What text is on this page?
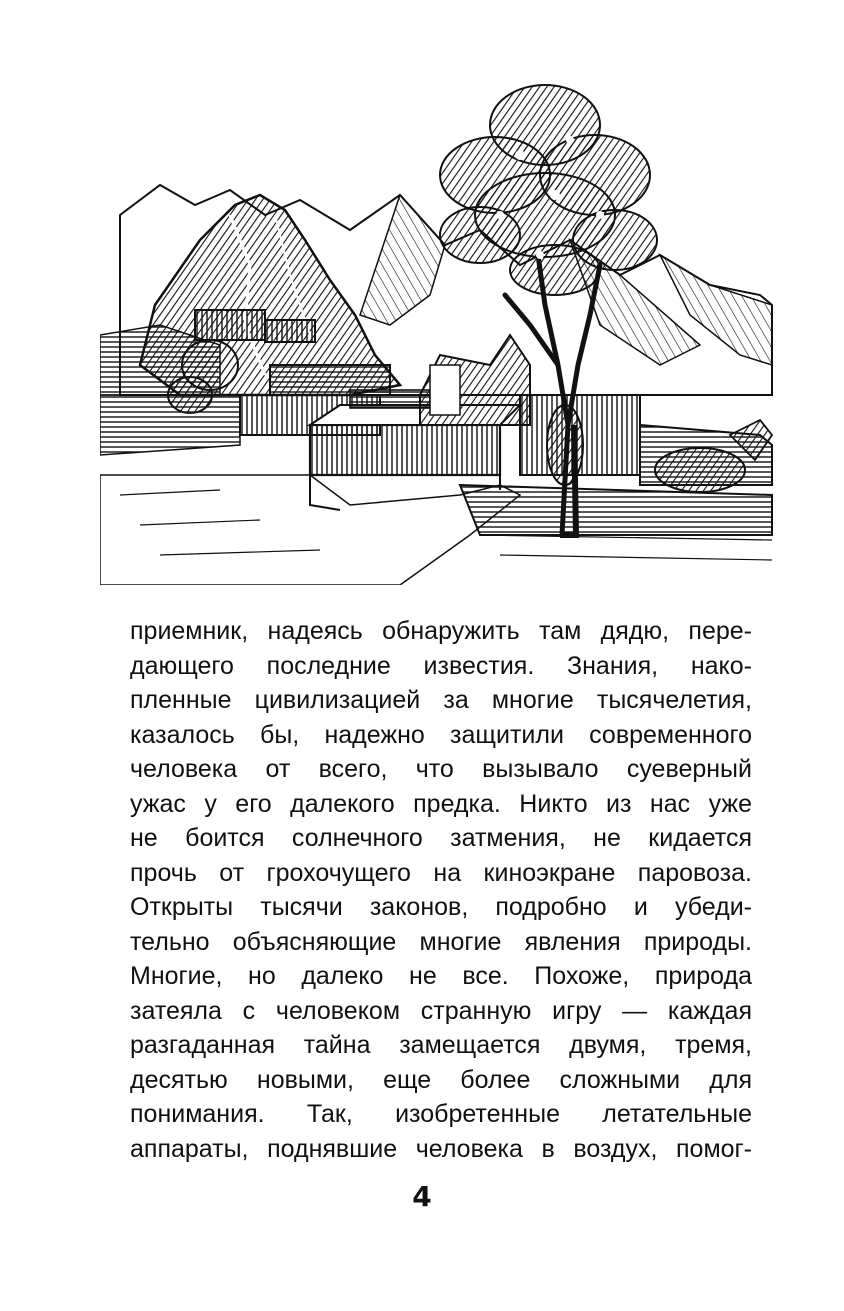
приемник, надеясь обнаружить там дядю, пере-
дающего последние известия. Знания, нако-
пленные цивилизацией за многие тысячелетия,
казалось бы, надежно защитили современного
человека от всего, что вызывало суеверный
ужас у его далекого предка. Никто из нас уже
не боится солнечного затмения, не кидается
прочь от грохочущего на киноэкране паровоза.
Открыты тысячи законов, подробно и убеди-
тельно объясняющие многие явления природы.
Многие, но далеко не все. Похоже, природа
затеяла с человеком странную игру — каждая
разгаданная тайна замещается двумя, тремя,
десятью новыми, еще более сложными для
понимания. Так, изобретенные летательные
аппараты, поднявшие человека в воздух, помог-
4
